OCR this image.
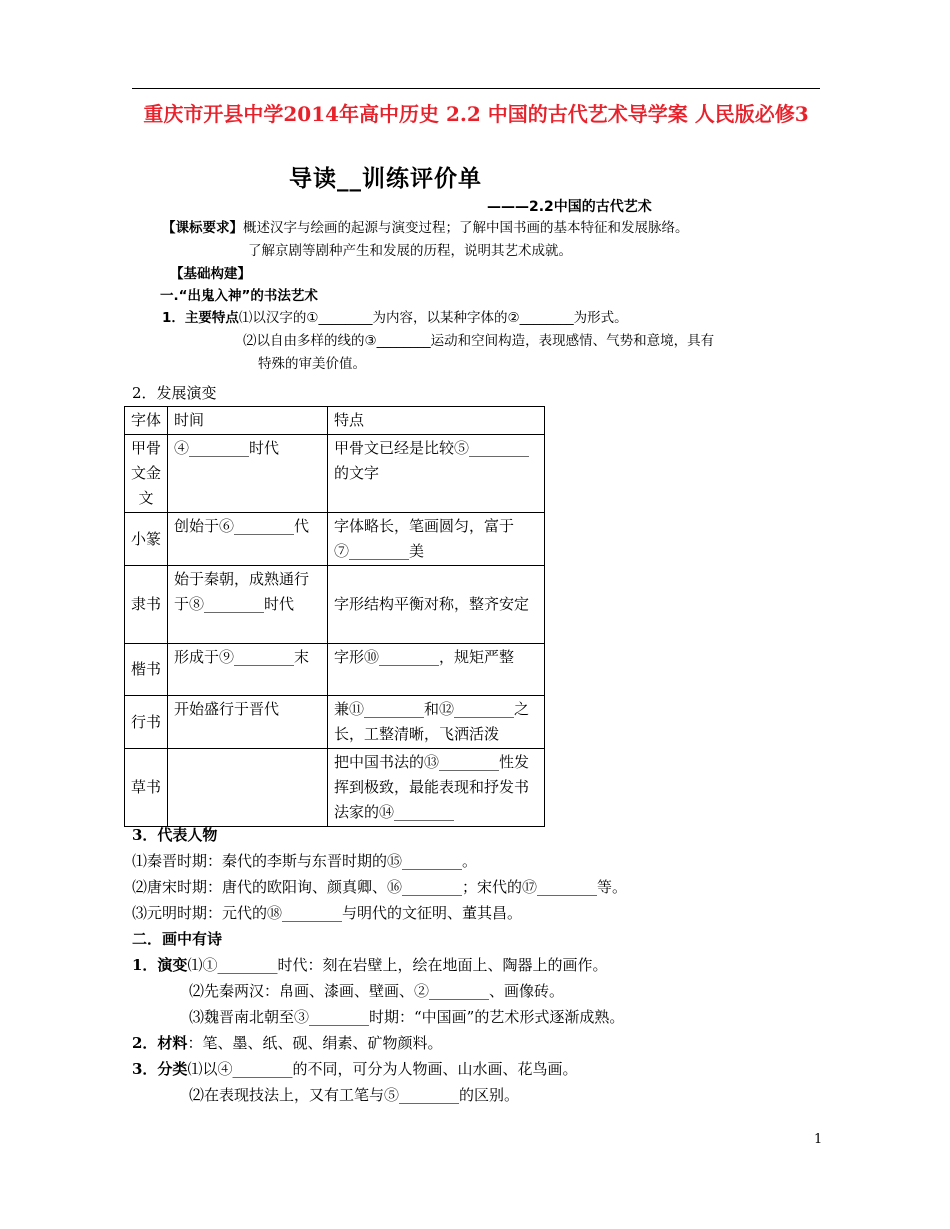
重庆市开县中学2014年高中历史 2.2 中国的古代艺术导学案 人民版必修3
导读__训练评价单
———2.2中国的古代艺术
【课标要求】概述汉字与绘画的起源与演变过程；了解中国书画的基本特征和发展脉络。
了解京剧等剧种产生和发展的历程，说明其艺术成就。
【基础构建】
一.“出鬼入神”的书法艺术
1．主要特点⑴以汉字的①________为内容，以某种字体的②________为形式。
⑵以自由多样的线的③________运动和空间构造，表现感情、气势和意境，具有
特殊的审美价值。
2．发展演变
字体	时间	特点
甲骨文金文	④________时代	甲骨文已经是比较⑤________的文字
小篆	创始于⑥________代	字体略长，笔画圆匀，富于⑦________美
隶书	始于秦朝，成熟通行于⑧________时代	字形结构平衡对称，整齐安定
楷书	形成于⑨________末	字形⑩________，规矩严整
行书	开始盛行于晋代	兼⑪________和⑫________之长，工整清晰，飞洒活泼
草书		把中国书法的⑬________性发挥到极致，最能表现和抒发书法家的⑭________
3．代表人物
⑴秦晋时期：秦代的李斯与东晋时期的⑮________。
⑵唐宋时期：唐代的欧阳询、颜真卿、⑯________；宋代的⑰________等。
⑶元明时期：元代的⑱________与明代的文征明、董其昌。
二．画中有诗
1．演变⑴①________时代：刻在岩壁上，绘在地面上、陶器上的画作。
⑵先秦两汉：帛画、漆画、壁画、②________、画像砖。
⑶魏晋南北朝至③________时期：“中国画”的艺术形式逐渐成熟。
2．材料：笔、墨、纸、砚、绢素、矿物颜料。
3．分类⑴以④________的不同，可分为人物画、山水画、花鸟画。
⑵在表现技法上，又有工笔与⑤________的区别。
1
